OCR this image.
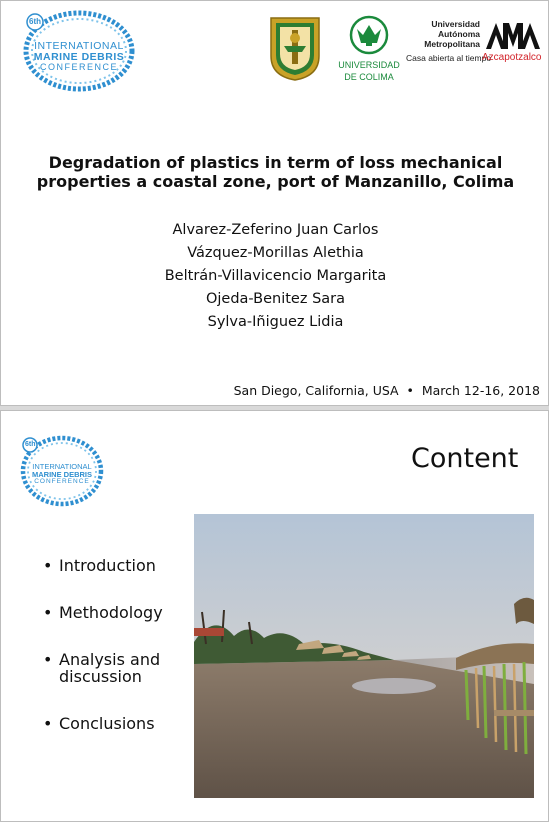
6th
INTERNATIONAL
MARINE DEBRIS
CONFERENCE	UNIVERSIDAD
DE COLIMA
Universidad
Autónoma
Metropolitana
Casa abierta al tiempo
Azcapotzalco
Degradation of plastics in term of loss mechanical
properties a coastal zone, port of Manzanillo, Colima
Alvarez-Zeferino Juan Carlos
Vázquez-Morillas Alethia
Beltrán-Villavicencio Margarita
Ojeda-Benitez Sara
Sylva-Iñiguez Lidia
San Diego, California, USA  •  March 12-16, 2018
6th
INTERNATIONAL
MARINE DEBRIS
CONFERENCE
Content
• Introduction
• Methodology
• Analysis and discussion
• Conclusions
